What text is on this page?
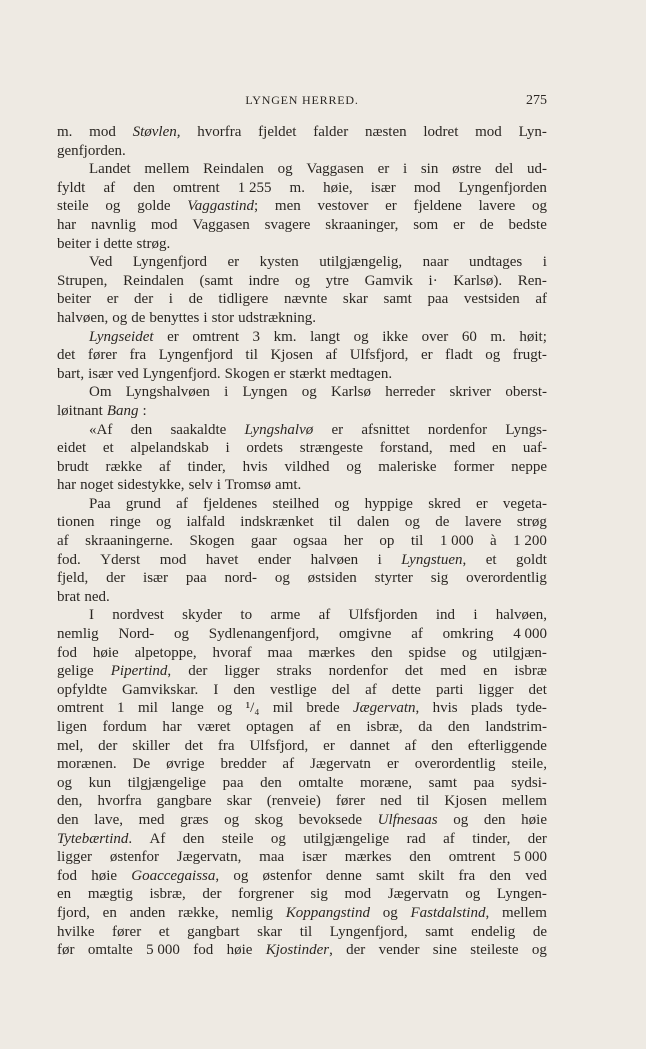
LYNGEN HERRED.	275
m. mod Støvlen, hvorfra fjeldet falder næsten lodret mod Lyn-
genfjorden.
Landet mellem Reindalen og Vaggasen er i sin østre del ud-
fyldt af den omtrent 1 255 m. høie, især mod Lyngenfjorden
steile og golde Vaggastind; men vestover er fjeldene lavere og
har navnlig mod Vaggasen svagere skraaninger, som er de bedste
beiter i dette strøg.
Ved Lyngenfjord er kysten utilgjængelig, naar undtages i
Strupen, Reindalen (samt indre og ytre Gamvik i· Karlsø). Ren-
beiter er der i de tidligere nævnte skar samt paa vestsiden af
halvøen, og de benyttes i stor udstrækning.
Lyngseidet er omtrent 3 km. langt og ikke over 60 m. høit;
det fører fra Lyngenfjord til Kjosen af Ulfsfjord, er fladt og frugt-
bart, især ved Lyngenfjord. Skogen er stærkt medtagen.
Om Lyngshalvøen i Lyngen og Karlsø herreder skriver oberst-
løitnant Bang :
«Af den saakaldte Lyngshalvø er afsnittet nordenfor Lyngs-
eidet et alpelandskab i ordets strængeste forstand, med en uaf-
brudt række af tinder, hvis vildhed og maleriske former neppe
har noget sidestykke, selv i Tromsø amt.
Paa grund af fjeldenes steilhed og hyppige skred er vegeta-
tionen ringe og ialfald indskrænket til dalen og de lavere strøg
af skraaningerne. Skogen gaar ogsaa her op til 1 000 à 1 200
fod. Yderst mod havet ender halvøen i Lyngstuen, et goldt
fjeld, der især paa nord- og østsiden styrter sig overordentlig
brat ned.
I nordvest skyder to arme af Ulfsfjorden ind i halvøen,
nemlig Nord- og Sydlenangenfjord, omgivne af omkring 4 000
fod høie alpetoppe, hvoraf maa mærkes den spidse og utilgjæn-
gelige Pipertind, der ligger straks nordenfor det med en isbræ
opfyldte Gamvikskar. I den vestlige del af dette parti ligger det
omtrent 1 mil lange og ¹/₄ mil brede Jægervatn, hvis plads tyde-
ligen fordum har været optagen af en isbræ, da den landstrim-
mel, der skiller det fra Ulfsfjord, er dannet af den efterliggende
morænen. De øvrige bredder af Jægervatn er overordentlig steile,
og kun tilgjængelige paa den omtalte moræne, samt paa sydsi-
den, hvorfra gangbare skar (renveie) fører ned til Kjosen mellem
den lave, med græs og skog bevoksede Ulfnesaas og den høie
Tytebærtind. Af den steile og utilgjængelige rad af tinder, der
ligger østenfor Jægervatn, maa især mærkes den omtrent 5 000
fod høie Goaccegaissa, og østenfor denne samt skilt fra den ved
en mægtig isbræ, der forgrener sig mod Jægervatn og Lyngen-
fjord, en anden række, nemlig Koppangstind og Fastdalstind, mellem
hvilke fører et gangbart skar til Lyngenfjord, samt endelig de
før omtalte 5 000 fod høie Kjostinder, der vender sine steileste og
